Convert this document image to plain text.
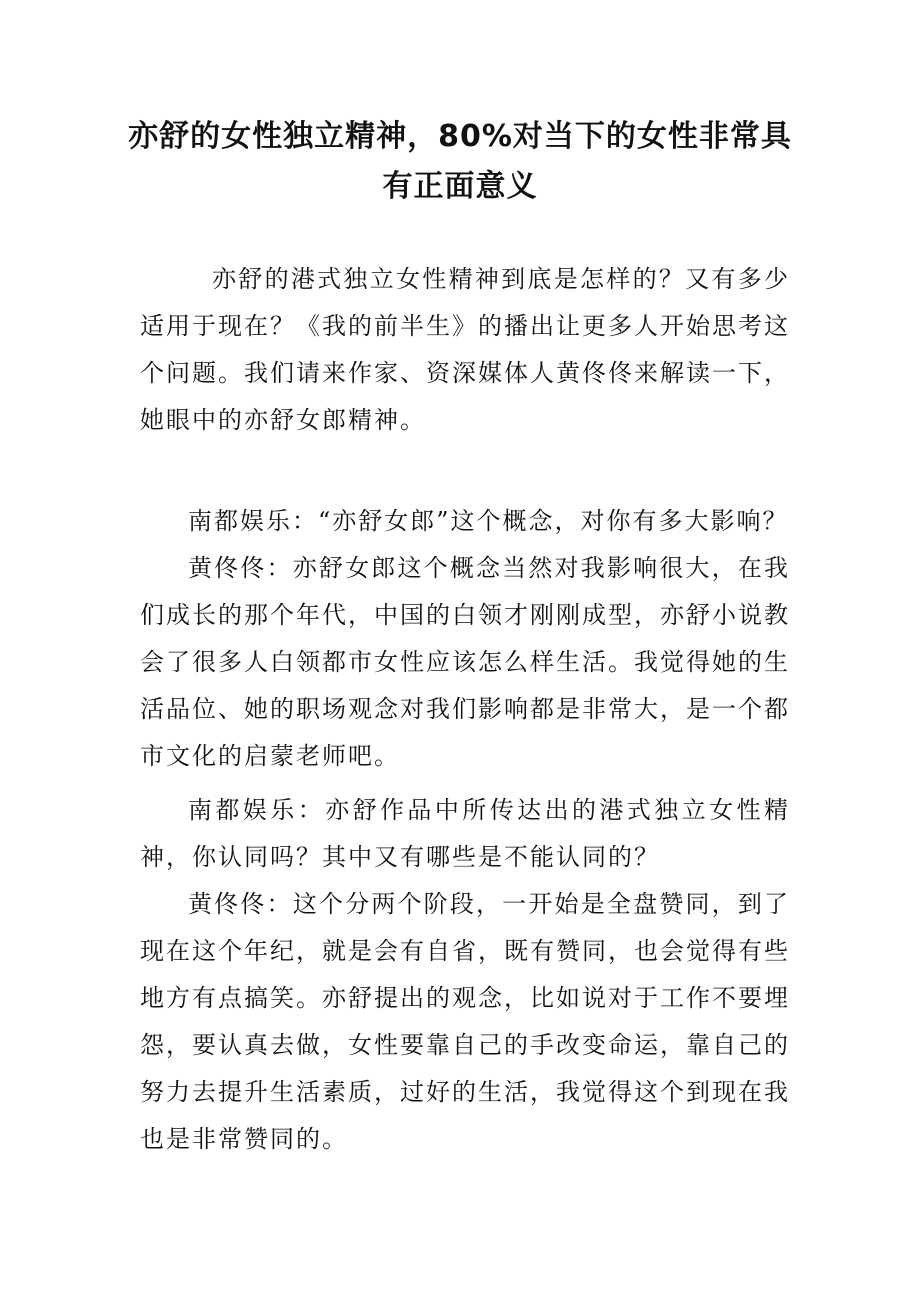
亦舒的女性独立精神，80%对当下的女性非常具有正面意义

亦舒的港式独立女性精神到底是怎样的？又有多少适用于现在？《我的前半生》的播出让更多人开始思考这个问题。我们请来作家、资深媒体人黄佟佟来解读一下，她眼中的亦舒女郎精神。

南都娱乐：“亦舒女郎”这个概念，对你有多大影响？

黄佟佟：亦舒女郎这个概念当然对我影响很大，在我们成长的那个年代，中国的白领才刚刚成型，亦舒小说教会了很多人白领都市女性应该怎么样生活。我觉得她的生活品位、她的职场观念对我们影响都是非常大，是一个都市文化的启蒙老师吧。

南都娱乐：亦舒作品中所传达出的港式独立女性精神，你认同吗？其中又有哪些是不能认同的？

黄佟佟：这个分两个阶段，一开始是全盘赞同，到了现在这个年纪，就是会有自省，既有赞同，也会觉得有些地方有点搞笑。亦舒提出的观念，比如说对于工作不要埋怨，要认真去做，女性要靠自己的手改变命运，靠自己的努力去提升生活素质，过好的生活，我觉得这个到现在我也是非常赞同的。
